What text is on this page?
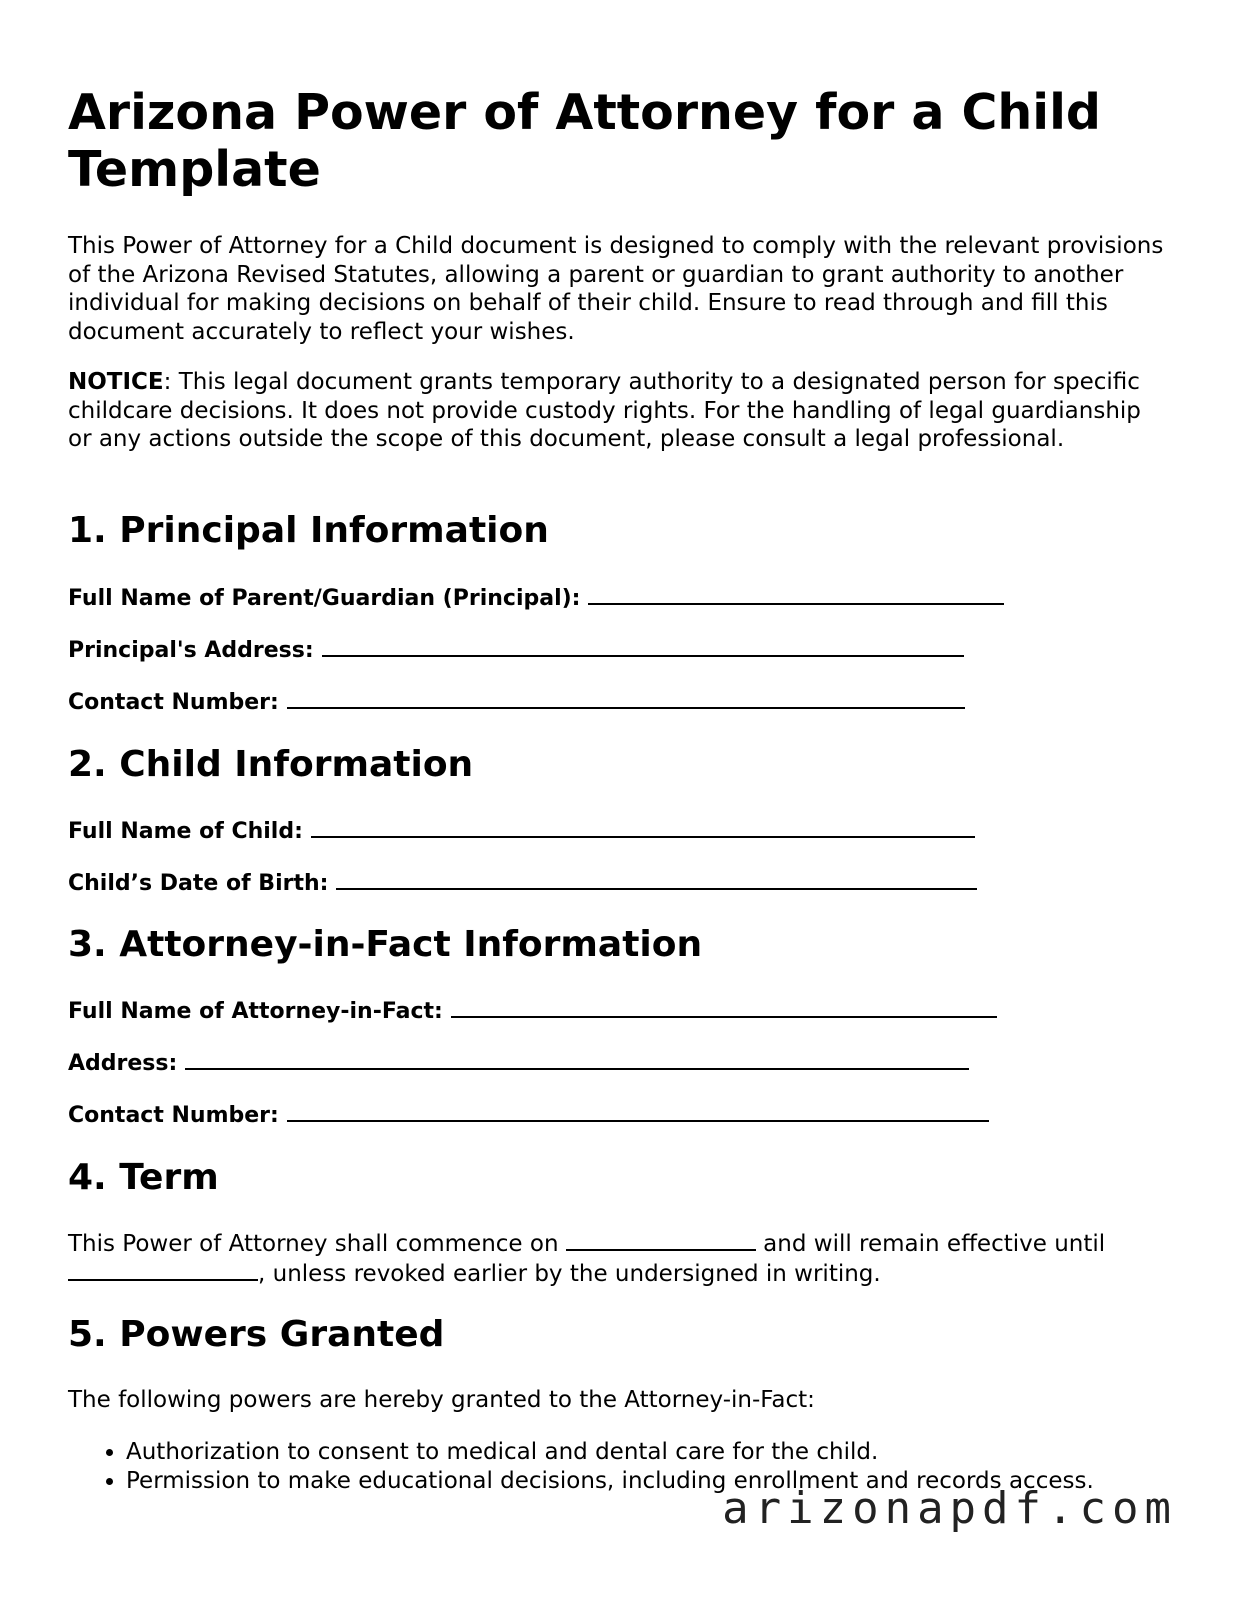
Arizona Power of Attorney for a Child Template

This Power of Attorney for a Child document is designed to comply with the relevant provisions of the Arizona Revised Statutes, allowing a parent or guardian to grant authority to another individual for making decisions on behalf of their child. Ensure to read through and fill this document accurately to reflect your wishes.

NOTICE: This legal document grants temporary authority to a designated person for specific childcare decisions. It does not provide custody rights. For the handling of legal guardianship or any actions outside the scope of this document, please consult a legal professional.

1. Principal Information

Full Name of Parent/Guardian (Principal):

Principal's Address:

Contact Number:

2. Child Information

Full Name of Child:

Child’s Date of Birth:

3. Attorney-in-Fact Information

Full Name of Attorney-in-Fact:

Address:

Contact Number:

4. Term

This Power of Attorney shall commence on	and will remain effective until , unless revoked earlier by the undersigned in writing.

5. Powers Granted

The following powers are hereby granted to the Attorney-in-Fact:

• Authorization to consent to medical and dental care for the child.
• Permission to make educational decisions, including enrollment and records access.
arizonapdf.com
